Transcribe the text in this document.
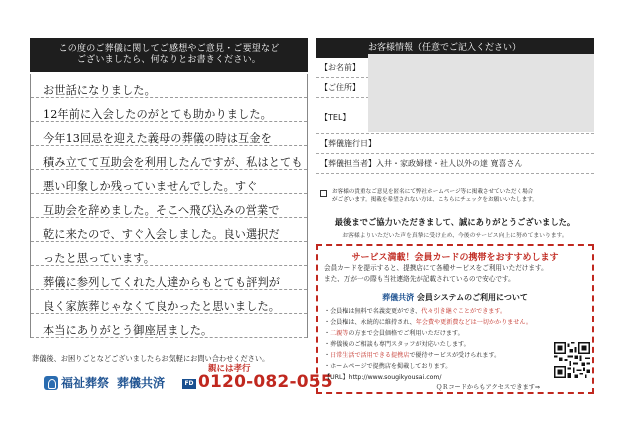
この度のご葬儀に関してご感想やご意見・ご要望など
ございましたら、何なりとお書きください。
お世話になりました。
12年前に入会したのがとても助かりました。
今年13回忌を迎えた義母の葬儀の時は互金を
積み立てて互助会を利用したんですが、私はとても
悪い印象しか残っていませんでした。すぐ
互助会を辞めました。そこへ飛び込みの営業で
乾に来たので、すぐ入会しました。良い選択だ
ったと思っています。
葬儀に参列してくれた人達からもとても評判が
良く家族葬じゃなくて良かったと思いました。
本当にありがとう御座居ました。
葬儀後、お困りごとなどございましたらお気軽にお問い合わせください。
親には孝行
福祉葬祭 葬儀共済	FD 0120-082-055
お客様情報（任意でご記入ください）
【お名前】
【ご住所】
【TEL】
【葬儀施行日】
【葬儀担当者】 入井・家政婦様・社人以外の達 寛喜さん
お客様の貴重なご意見を匿名にて弊社ホームページ等に掲載させていただく場合
がございます。掲載を希望されない方は、こちらにチェックをお願いいたします。
最後までご協力いただきまして、誠にありがとうございました。
お客様よりいただいた声を真摯に受け止め、今後のサービス向上に努めてまいります。
サービス満載！会員カードの携帯をおすすめします
会員カードを提示すると、提携店にて各種サービスをご利用いただけます。
また、万が一の際も当社連絡先が記載されているので安心です。
葬儀共済 会員システムのご利用について
・会員権は無料で名義変更ができ、代々引き継ぐことができます。
・会員権は、永続的に維持され、年会費や更新費などは一切かかりません。
・二親等の方まで会員価格でご利用いただけます。
・葬儀後のご相談も専門スタッフが対応いたします。
・日常生活で活用できる提携店で優待サービスが受けられます。
・ホームページで提携店を掲載しております。
【URL】http://www.sougikyousai.com/
ＱＲコードからもアクセスできます⇒
